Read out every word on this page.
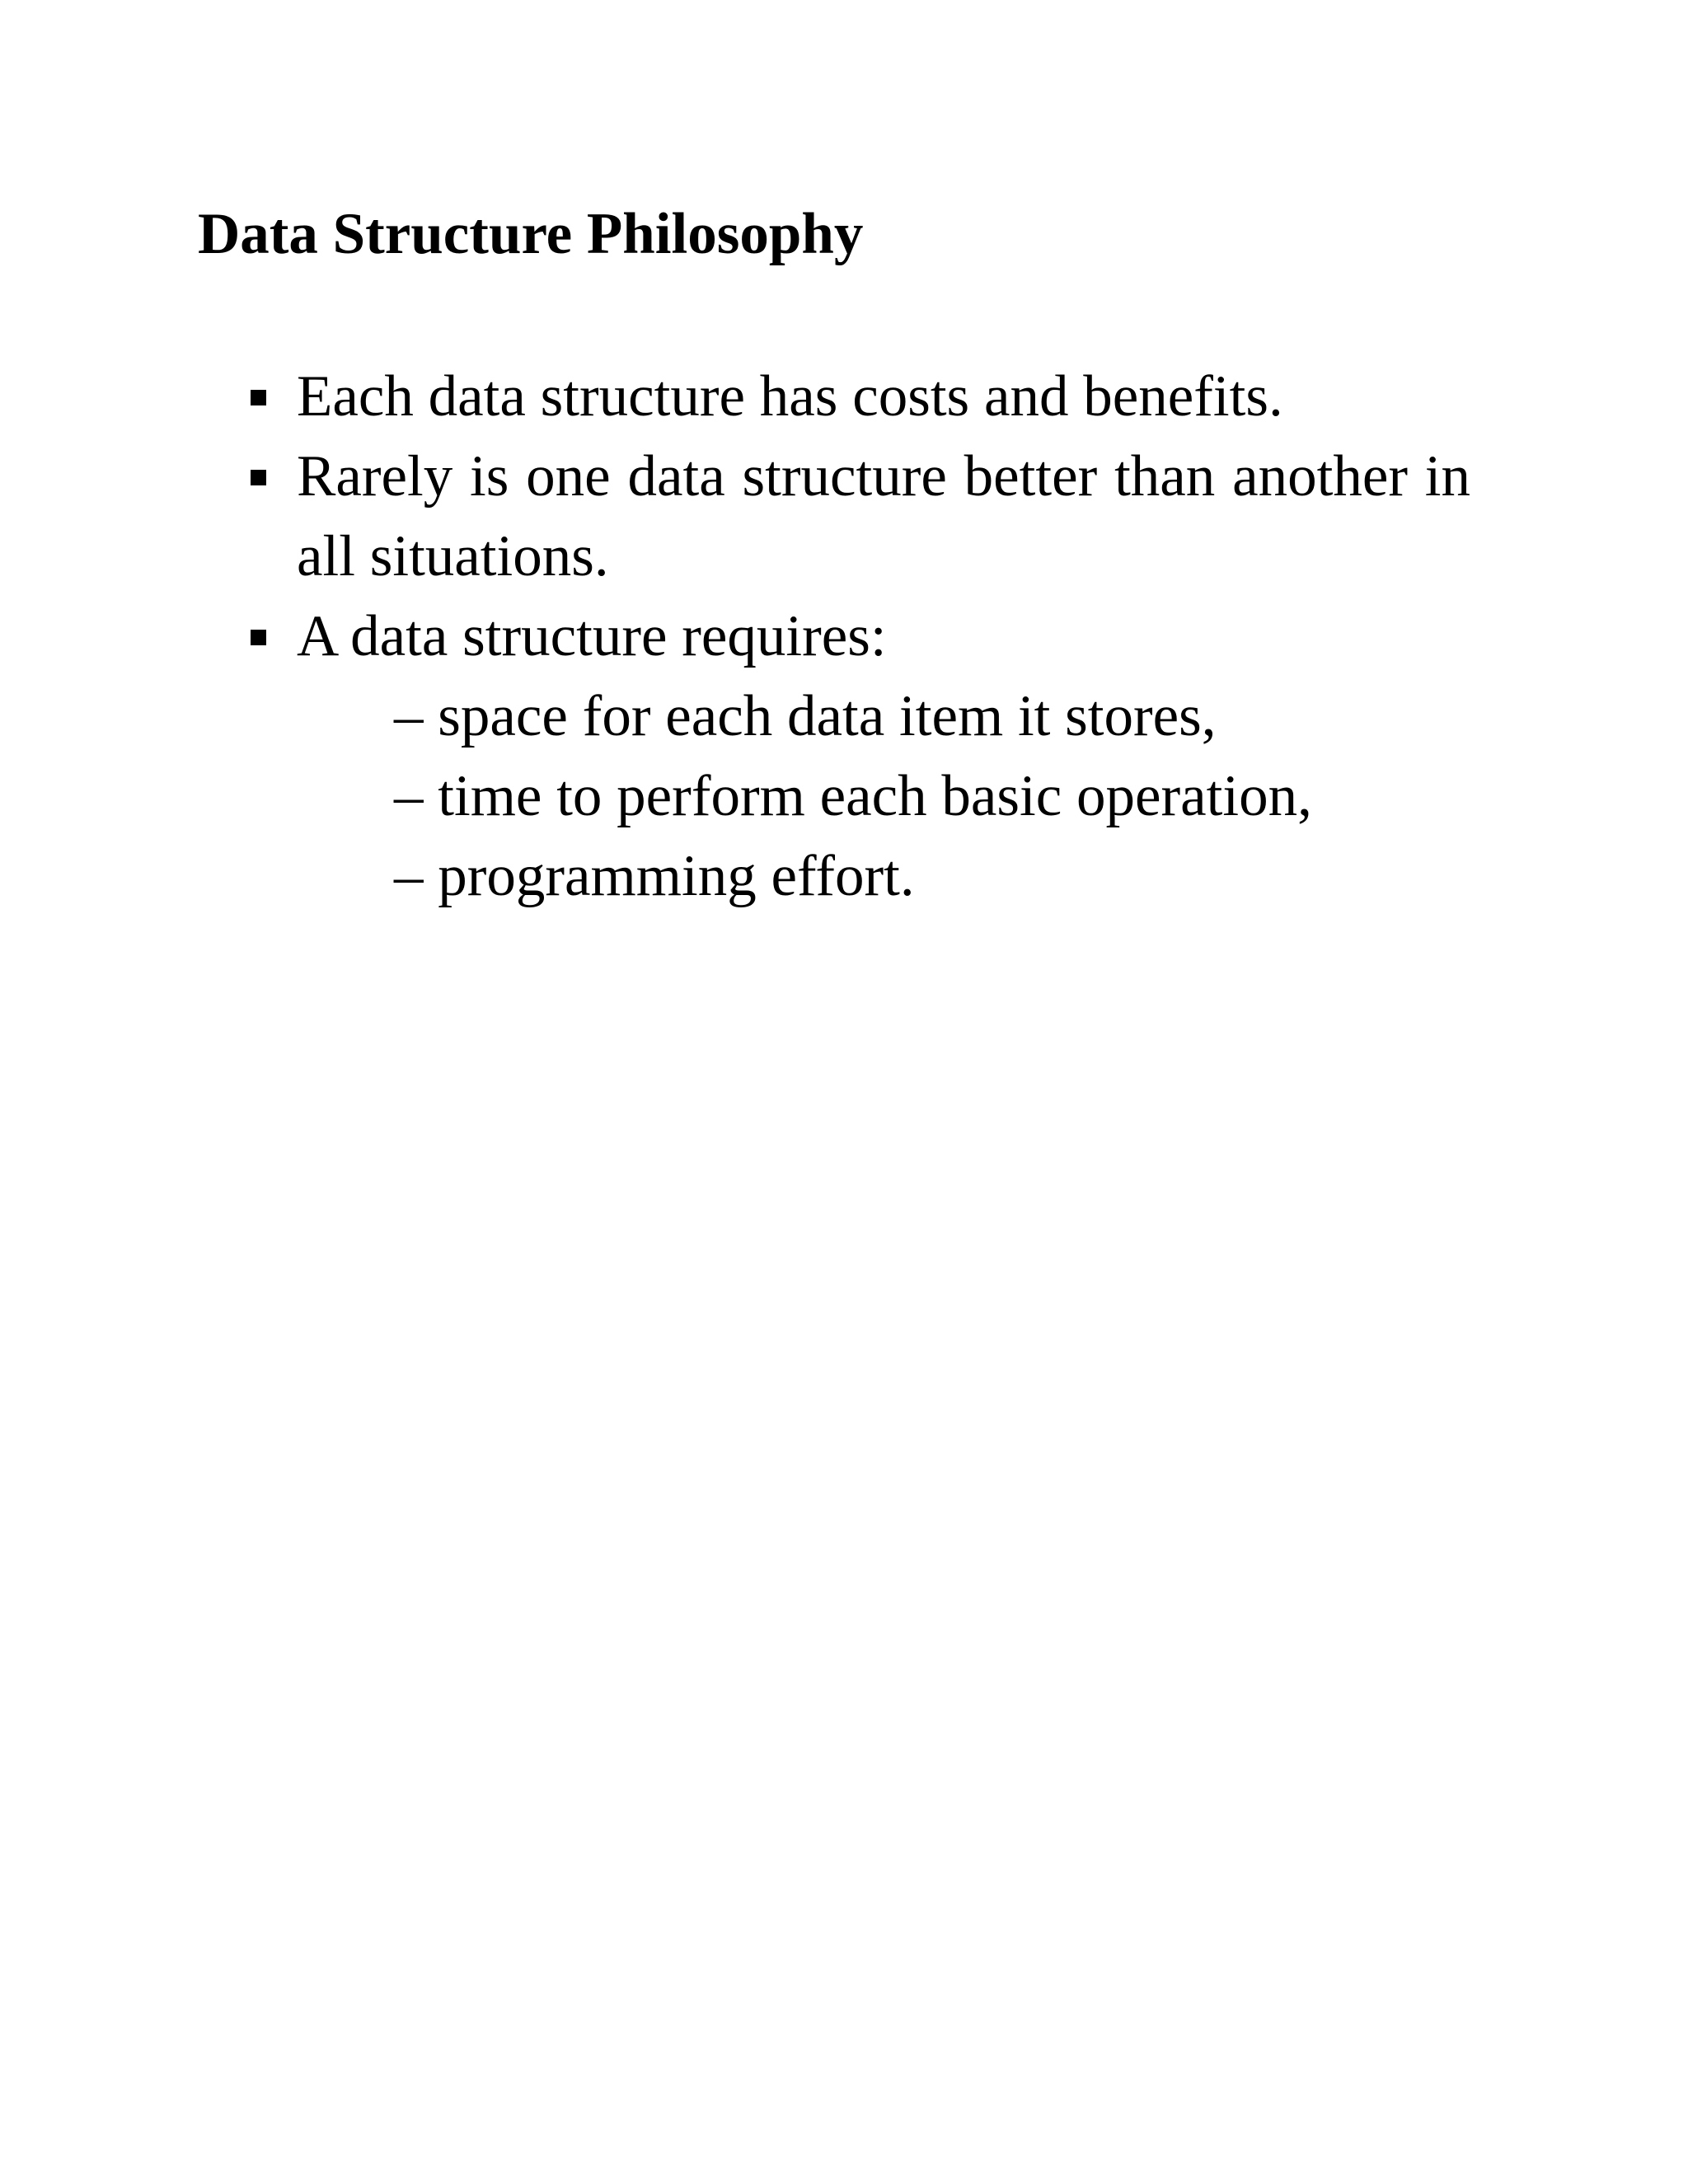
Data Structure Philosophy
Each data structure has costs and benefits.
Rarely is one data structure better than another in all situations.
A data structure requires:
– space for each data item it stores,
– time to perform each basic operation,
– programming effort.
